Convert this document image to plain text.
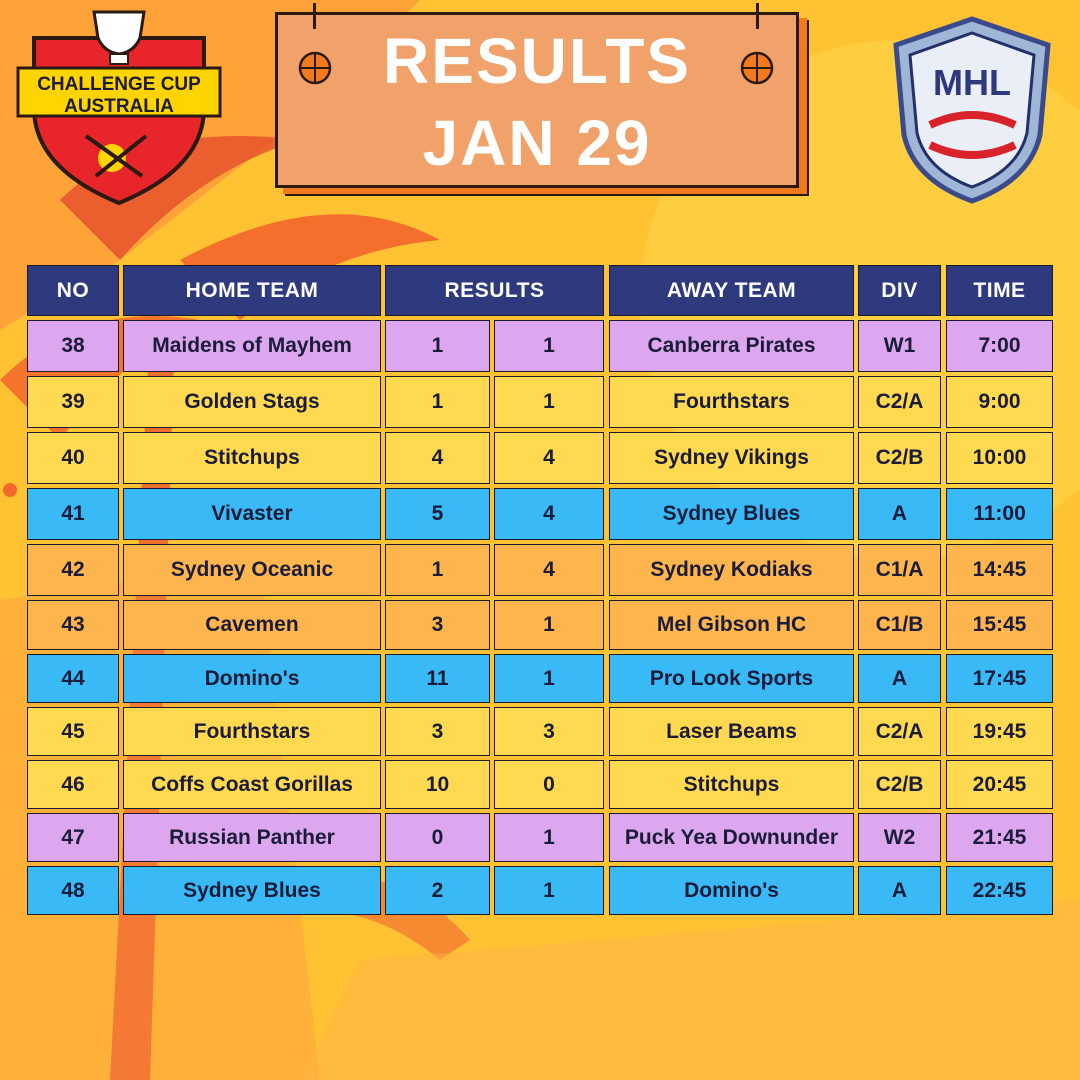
CHALLENGE CUP
AUSTRALIA
RESULTS
JAN 29
MHL
NO	HOME TEAM	RESULTS	AWAY TEAM	DIV	TIME
38	Maidens of Mayhem	1	1	Canberra Pirates	W1	7:00
39	Golden Stags	1	1	Fourthstars	C2/A	9:00
40	Stitchups	4	4	Sydney Vikings	C2/B	10:00
41	Vivaster	5	4	Sydney Blues	A	11:00
42	Sydney Oceanic	1	4	Sydney Kodiaks	C1/A	14:45
43	Cavemen	3	1	Mel Gibson HC	C1/B	15:45
44	Domino's	11	1	Pro Look Sports	A	17:45
45	Fourthstars	3	3	Laser Beams	C2/A	19:45
46	Coffs Coast Gorillas	10	0	Stitchups	C2/B	20:45
47	Russian Panther	0	1	Puck Yea Downunder	W2	21:45
48	Sydney Blues	2	1	Domino's	A	22:45
